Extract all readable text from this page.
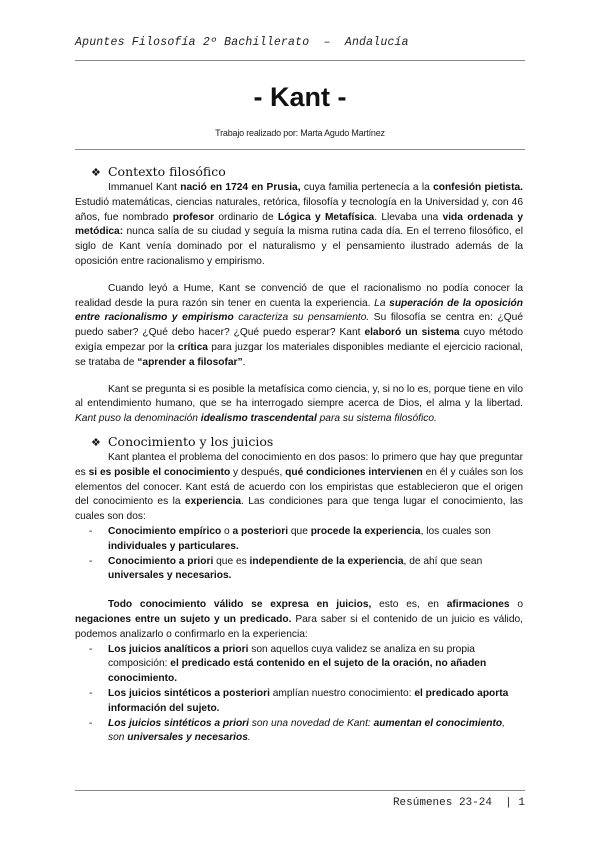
Apuntes Filosofía 2º Bachillerato  –  Andalucía
- Kant -
Trabajo realizado por: Marta Agudo Martínez
❖ Contexto filosófico

Immanuel Kant nació en 1724 en Prusia, cuya familia pertenecía a la confesión pietista. Estudió matemáticas, ciencias naturales, retórica, filosofía y tecnología en la Universidad y, con 46 años, fue nombrado profesor ordinario de Lógica y Metafísica. Llevaba una vida ordenada y metódica: nunca salía de su ciudad y seguía la misma rutina cada día. En el terreno filosófico, el siglo de Kant venía dominado por el naturalismo y el pensamiento ilustrado además de la oposición entre racionalismo y empirismo.

Cuando leyó a Hume, Kant se convenció de que el racionalismo no podía conocer la realidad desde la pura razón sin tener en cuenta la experiencia. La superación de la oposición entre racionalismo y empirismo caracteriza su pensamiento. Su filosofía se centra en: ¿Qué puedo saber? ¿Qué debo hacer? ¿Qué puedo esperar? Kant elaboró un sistema cuyo método exigía empezar por la crítica para juzgar los materiales disponibles mediante el ejercicio racional, se trataba de “aprender a filosofar”.

Kant se pregunta si es posible la metafísica como ciencia, y, si no lo es, porque tiene en vilo al entendimiento humano, que se ha interrogado siempre acerca de Dios, el alma y la libertad. Kant puso la denominación idealismo trascendental para su sistema filosófico.

❖ Conocimiento y los juicios

Kant plantea el problema del conocimiento en dos pasos: lo primero que hay que preguntar es si es posible el conocimiento y después, qué condiciones intervienen en él y cuáles son los elementos del conocer. Kant está de acuerdo con los empiristas que establecieron que el origen del conocimiento es la experiencia. Las condiciones para que tenga lugar el conocimiento, las cuales son dos:

- Conocimiento empírico o a posteriori que procede la experiencia, los cuales son individuales y particulares.
- Conocimiento a priori que es independiente de la experiencia, de ahí que sean universales y necesarios.

Todo conocimiento válido se expresa en juicios, esto es, en afirmaciones o negaciones entre un sujeto y un predicado. Para saber si el contenido de un juicio es válido, podemos analizarlo o confirmarlo en la experiencia:

- Los juicios analíticos a priori son aquellos cuya validez se analiza en su propia composición: el predicado está contenido en el sujeto de la oración, no añaden conocimiento.
- Los juicios sintéticos a posteriori amplían nuestro conocimiento: el predicado aporta información del sujeto.
- Los juicios sintéticos a priori son una novedad de Kant: aumentan el conocimiento, son universales y necesarios.
Resúmenes 23-24 | 1
